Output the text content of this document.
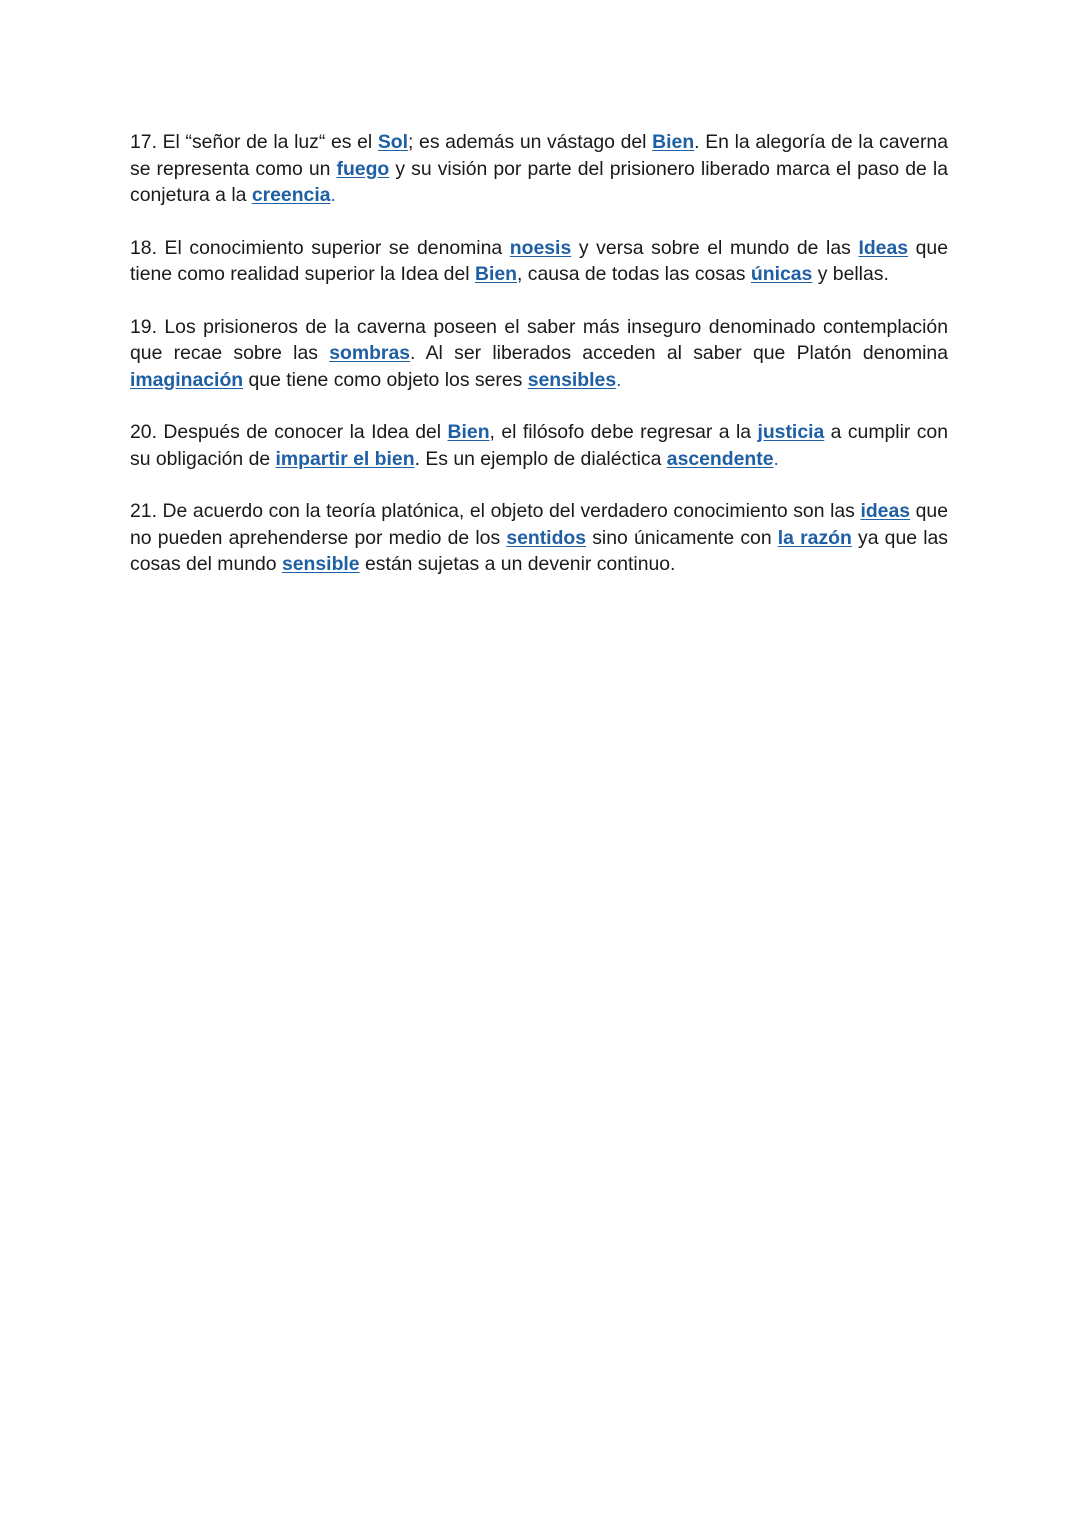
17. El “señor de la luz“ es el Sol; es además un vástago del Bien. En la alegoría de la caverna se representa como un fuego y su visión por parte del prisionero liberado marca el paso de la conjetura a la creencia.

18. El conocimiento superior se denomina noesis y versa sobre el mundo de las Ideas que tiene como realidad superior la Idea del Bien, causa de todas las cosas únicas y bellas.

19. Los prisioneros de la caverna poseen el saber más inseguro denominado contemplación que recae sobre las sombras. Al ser liberados acceden al saber que Platón denomina imaginación que tiene como objeto los seres sensibles.

20. Después de conocer la Idea del Bien, el filósofo debe regresar a la justicia a cumplir con su obligación de impartir el bien. Es un ejemplo de dialéctica ascendente.

21. De acuerdo con la teoría platónica, el objeto del verdadero conocimiento son las ideas que no pueden aprehenderse por medio de los sentidos sino únicamente con la razón ya que las cosas del mundo sensible están sujetas a un devenir continuo.
